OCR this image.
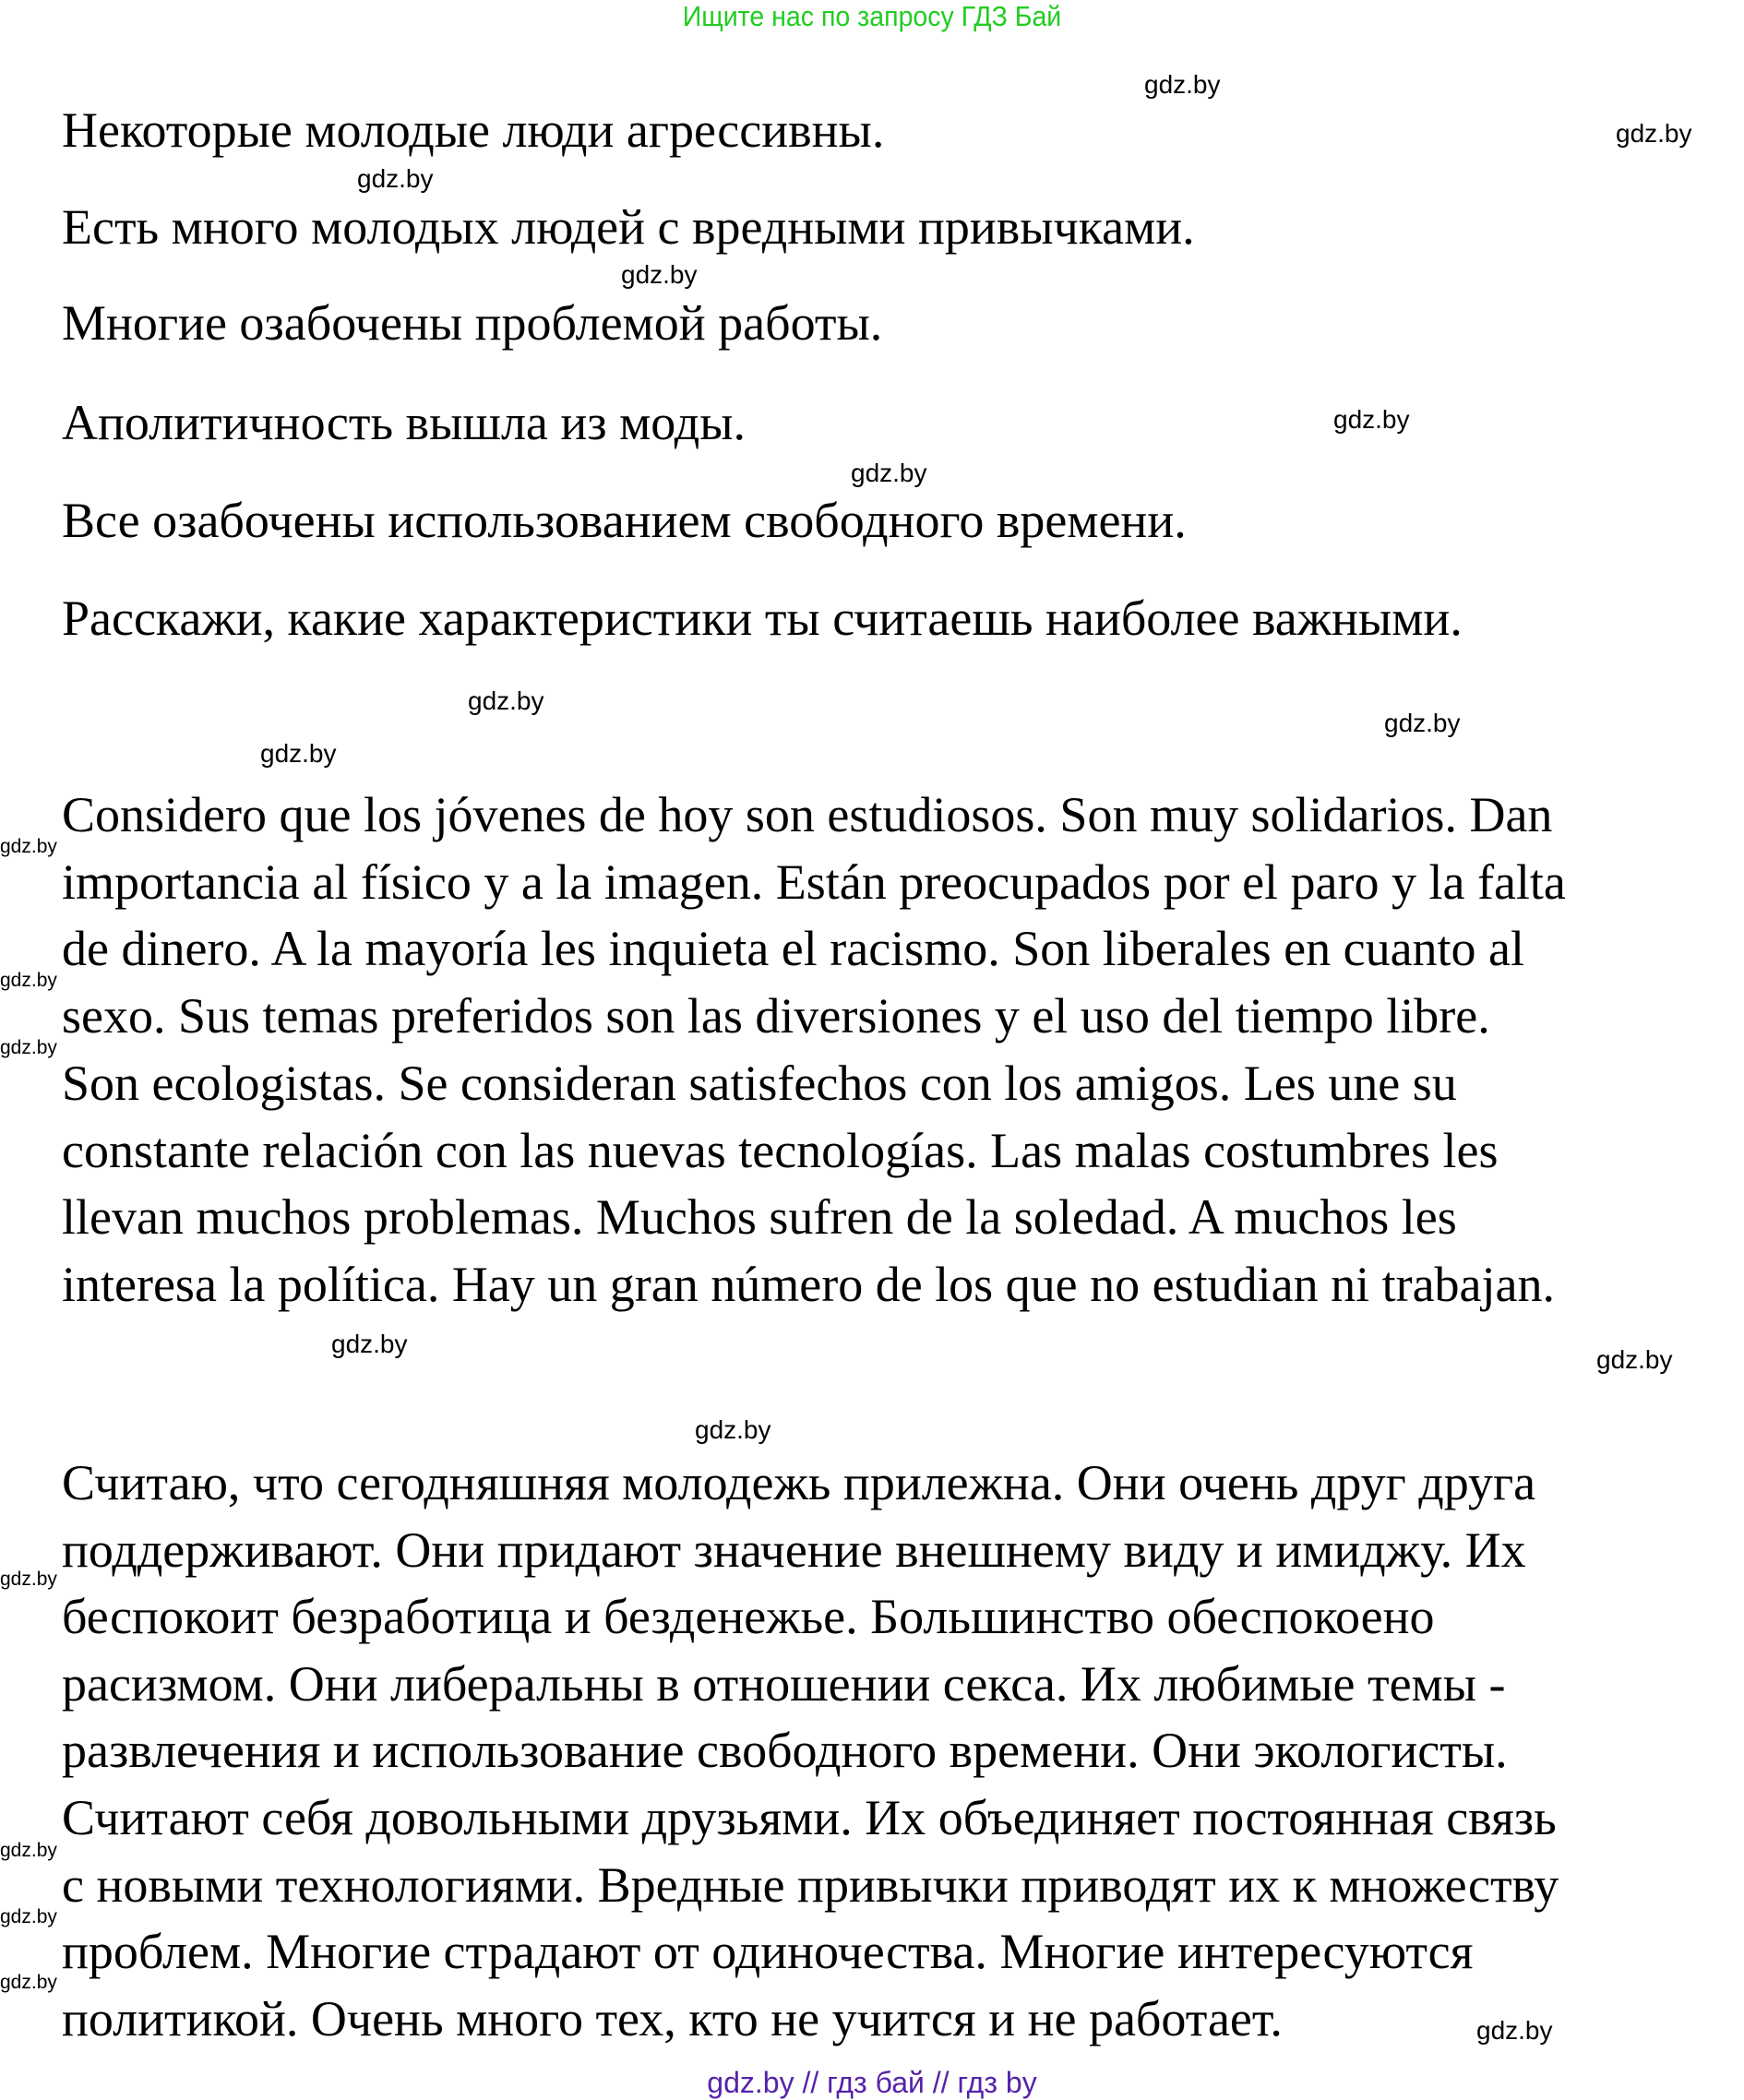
Ищите нас по запросу ГДЗ Бай
Некоторые молодые люди агрессивны.
Есть много молодых людей с вредными привычками.
Многие озабочены проблемой работы.
Аполитичность вышла из моды.
Все озабочены использованием свободного времени.
Расскажи, какие характеристики ты считаешь наиболее важными.
Considero que los jóvenes de hoy son estudiosos. Son muy solidarios. Dan
importancia al físico y a la imagen. Están preocupados por el paro y la falta
de dinero. A la mayoría les inquieta el racismo. Son liberales en cuanto al
sexo. Sus temas preferidos son las diversiones y el uso del tiempo libre.
Son ecologistas. Se consideran satisfechos con los amigos. Les une su
constante relación con las nuevas tecnologías. Las malas costumbres les
llevan muchos problemas. Muchos sufren de la soledad. A muchos les
interesa la política. Hay un gran número de los que no estudian ni trabajan.
Считаю, что сегодняшняя молодежь прилежна. Они очень друг друга
поддерживают. Они придают значение внешнему виду и имиджу. Их
беспокоит безработица и безденежье. Большинство обеспокоено
расизмом. Они либеральны в отношении секса. Их любимые темы -
развлечения и использование свободного времени. Они экологисты.
Считают себя довольными друзьями. Их объединяет постоянная связь
с новыми технологиями. Вредные привычки приводят их к множеству
проблем. Многие страдают от одиночества. Многие интересуются
политикой. Очень много тех, кто не учится и не работает.
gdz.by
gdz.by
gdz.by
gdz.by
gdz.by
gdz.by
gdz.by
gdz.by
gdz.by
gdz.by
gdz.by
gdz.by
gdz.by
gdz.by
gdz.by
gdz.by
gdz.by
gdz.by
gdz.by
gdz.by
gdz.by // гдз бай // гдз by
